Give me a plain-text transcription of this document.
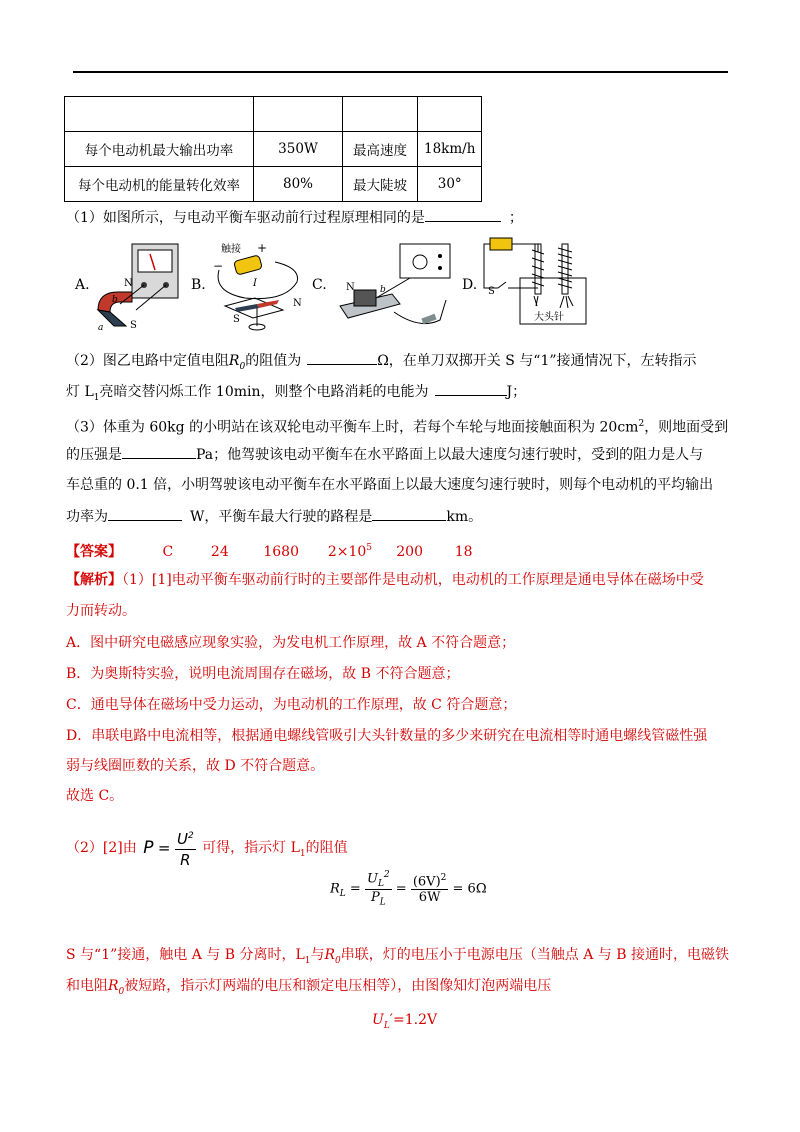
每个电动机最大输出功率	350W	最高速度	18km/h
每个电动机的能量转化效率	80%	最大陡坡	30°
（1）如图所示，与电动平衡车驱动前行过程原理相同的是	；
A.	N
S
b
a
B.
触接 +
−
I
S
N
C. N	b	D. S
大头针
（2）图乙电路中定值电阻$R_0$的阻值为	Ω，在单刀双掷开关 S 与“1”接通情况下，左转指示
灯 $L_1$亮暗交替闪烁工作 10min，则整个电路消耗的电能为	J；
（3）体重为 60kg 的小明站在该双轮电动平衡车上时，若每个车轮与地面接触面积为 $20cm^2$，则地面受到
的压强是	Pa；他驾驶该电动平衡车在水平路面上以最大速度匀速行驶时，受到的阻力是人与
车总重的 0.1 倍，小明驾驶该电动平衡车在水平路面上以最大速度匀速行驶时，则每个电动机的平均输出
功率为	W，平衡车最大行驶的路程是	km。
【答案】	C	24 1680 $2\times 10^5$ 200 18
【解析】（1）[1]电动平衡车驱动前行时的主要部件是电动机，电动机的工作原理是通电导体在磁场中受
力而转动。
A．图中研究电磁感应现象实验，为发电机工作原理，故 A 不符合题意；
B．为奥斯特实验，说明电流周围存在磁场，故 B 不符合题意；
C．通电导体在磁场中受力运动，为电动机的工作原理，故 C 符合题意；
D．串联电路中电流相等，根据通电螺线管吸引大头针数量的多少来研究在电流相等时通电螺线管磁性强
弱与线圈匝数的关系，故 D 不符合题意。
故选 C。
（2）[2]由 $P = \frac{U^2}{R}$ 可得，指示灯 $L_1$的阻值
$R_L = \frac{U_L^2}{P_L} = \frac{(6V)^2}{6W} = 6\Omega$
S 与“1”接通，触电 A 与 B 分离时，$L_1$与$R_0$串联，灯的电压小于电源电压（当触点 A 与 B 接通时，电磁铁
和电阻$R_0$被短路，指示灯两端的电压和额定电压相等），由图像知灯泡两端电压
$U_L'=1.2V$
